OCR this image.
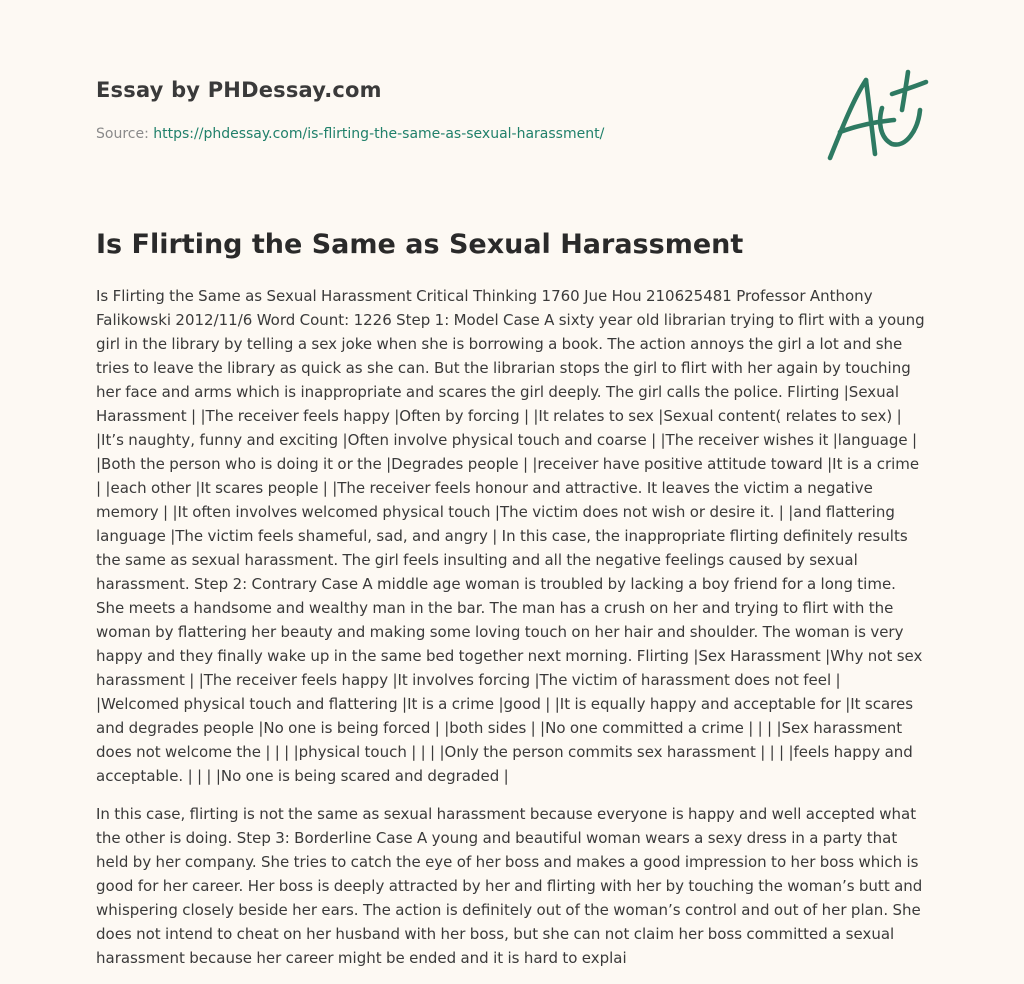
Essay by PHDessay.com
Source: https://phdessay.com/is-flirting-the-same-as-sexual-harassment/
Is Flirting the Same as Sexual Harassment

Is Flirting the Same as Sexual Harassment Critical Thinking 1760 Jue Hou 210625481 Professor Anthony Falikowski 2012/11/6 Word Count: 1226 Step 1: Model Case A sixty year old librarian trying to flirt with a young girl in the library by telling a sex joke when she is borrowing a book. The action annoys the girl a lot and she tries to leave the library as quick as she can. But the librarian stops the girl to flirt with her again by touching her face and arms which is inappropriate and scares the girl deeply. The girl calls the police. Flirting |Sexual Harassment | |The receiver feels happy |Often by forcing | |It relates to sex |Sexual content( relates to sex) | |It’s naughty, funny and exciting |Often involve physical touch and coarse | |The receiver wishes it |language | |Both the person who is doing it or the |Degrades people | |receiver have positive attitude toward |It is a crime | |each other |It scares people | |The receiver feels honour and attractive. It leaves the victim a negative memory | |It often involves welcomed physical touch |The victim does not wish or desire it. | |and flattering language |The victim feels shameful, sad, and angry | In this case, the inappropriate flirting definitely results the same as sexual harassment. The girl feels insulting and all the negative feelings caused by sexual harassment. Step 2: Contrary Case A middle age woman is troubled by lacking a boy friend for a long time. She meets a handsome and wealthy man in the bar. The man has a crush on her and trying to flirt with the woman by flattering her beauty and making some loving touch on her hair and shoulder. The woman is very happy and they finally wake up in the same bed together next morning. Flirting |Sex Harassment |Why not sex harassment | |The receiver feels happy |It involves forcing |The victim of harassment does not feel | |Welcomed physical touch and flattering |It is a crime |good | |It is equally happy and acceptable for |It scares and degrades people |No one is being forced | |both sides | |No one committed a crime | | | |Sex harassment does not welcome the | | | |physical touch | | | |Only the person commits sex harassment | | | |feels happy and acceptable. | | | |No one is being scared and degraded |

In this case, flirting is not the same as sexual harassment because everyone is happy and well accepted what the other is doing. Step 3: Borderline Case A young and beautiful woman wears a sexy dress in a party that held by her company. She tries to catch the eye of her boss and makes a good impression to her boss which is good for her career. Her boss is deeply attracted by her and flirting with her by touching the woman’s butt and whispering closely beside her ears. The action is definitely out of the woman’s control and out of her plan. She does not intend to cheat on her husband with her boss, but she can not claim her boss committed a sexual harassment because her career might be ended and it is hard to explai
